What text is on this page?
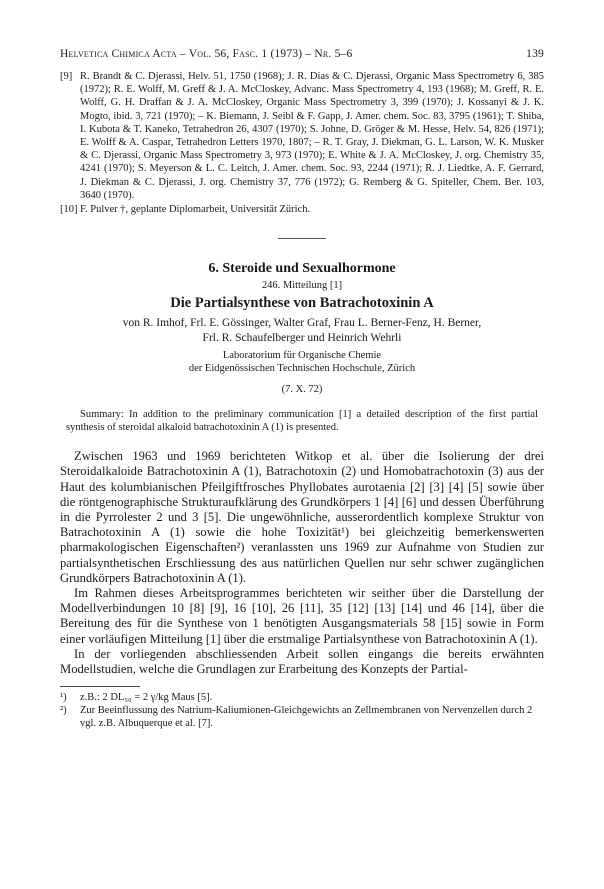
Helvetica Chimica Acta – Vol. 56, Fasc. 1 (1973) – Nr. 5–6	139
[9] R. Brandt & C. Djerassi, Helv. 51, 1750 (1968); J. R. Dias & C. Djerassi, Organic Mass Spectrometry 6, 385 (1972); R. E. Wolff, M. Greff & J. A. McCloskey, Advanc. Mass Spectrometry 4, 193 (1968); M. Greff, R. E. Wolff, G. H. Draffan & J. A. McCloskey, Organic Mass Spectrometry 3, 399 (1970); J. Kossanyi & J. K. Mogto, ibid. 3, 721 (1970); – K. Biemann, J. Seibl & F. Gapp, J. Amer. chem. Soc. 83, 3795 (1961); T. Shiba, I. Kubota & T. Kaneko, Tetrahedron 26, 4307 (1970); S. Johne, D. Gröger & M. Hesse, Helv. 54, 826 (1971); E. Wolff & A. Caspar, Tetrahedron Letters 1970, 1807; – R. T. Gray, J. Diekman, G. L. Larson, W. K. Musker & C. Djerassi, Organic Mass Spectrometry 3, 973 (1970); E. White & J. A. McCloskey, J. org. Chemistry 35, 4241 (1970); S. Meyerson & L. C. Leitch, J. Amer. chem. Soc. 93, 2244 (1971); R. J. Liedtke, A. F. Gerrard, J. Diekman & C. Djerassi, J. org. Chemistry 37, 776 (1972); G. Remberg & G. Spiteller, Chem. Ber. 103, 3640 (1970).
[10] F. Pulver †, geplante Diplomarbeit, Universität Zürich.
6. Steroide und Sexualhormone
246. Mitteilung [1]
Die Partialsynthese von Batrachotoxinin A
von R. Imhof, Frl. E. Gössinger, Walter Graf, Frau L. Berner-Fenz, H. Berner,
Frl. R. Schaufelberger und Heinrich Wehrli
Laboratorium für Organische Chemie
der Eidgenössischen Technischen Hochschule, Zürich
(7. X. 72)
Summary: In addition to the preliminary communication [1] a detailed description of the first partial synthesis of steroidal alkaloid batrachotoxinin A (1) is presented.

Zwischen 1963 und 1969 berichteten Witkop et al. über die Isolierung der drei Steroidalkaloide Batrachotoxinin A (1), Batrachotoxin (2) und Homobatrachotoxin (3) aus der Haut des kolumbianischen Pfeilgiftfrosches Phyllobates aurotaenia [2] [3] [4] [5] sowie über die röntgenographische Strukturaufklärung des Grundkörpers 1 [4] [6] und dessen Überführung in die Pyrrolester 2 und 3 [5]. Die ungewöhnliche, ausserordentlich komplexe Struktur von Batrachotoxinin A (1) sowie die hohe Toxizität¹) bei gleichzeitig bemerkenswerten pharmakologischen Eigenschaften²) veranlassten uns 1969 zur Aufnahme von Studien zur partialsynthetischen Erschliessung des aus natürlichen Quellen nur sehr schwer zugänglichen Grundkörpers Batrachotoxinin A (1).

Im Rahmen dieses Arbeitsprogrammes berichteten wir seither über die Darstellung der Modellverbindungen 10 [8] [9], 16 [10], 26 [11], 35 [12] [13] [14] und 46 [14], über die Bereitung des für die Synthese von 1 benötigten Ausgangsmaterials 58 [15] sowie in Form einer vorläufigen Mitteilung [1] über die erstmalige Partialsynthese von Batrachotoxinin A (1).

In der vorliegenden abschliessenden Arbeit sollen eingangs die bereits erwähnten Modellstudien, welche die Grundlagen zur Erarbeitung des Konzepts der Partial-

¹) z.B.: 2 DL₅₀ = 2 γ/kg Maus [5].
²) Zur Beeinflussung des Natrium-Kaliumionen-Gleichgewichts an Zellmembranen von Nervenzellen durch 2 vgl. z.B. Albuquerque et al. [7].
